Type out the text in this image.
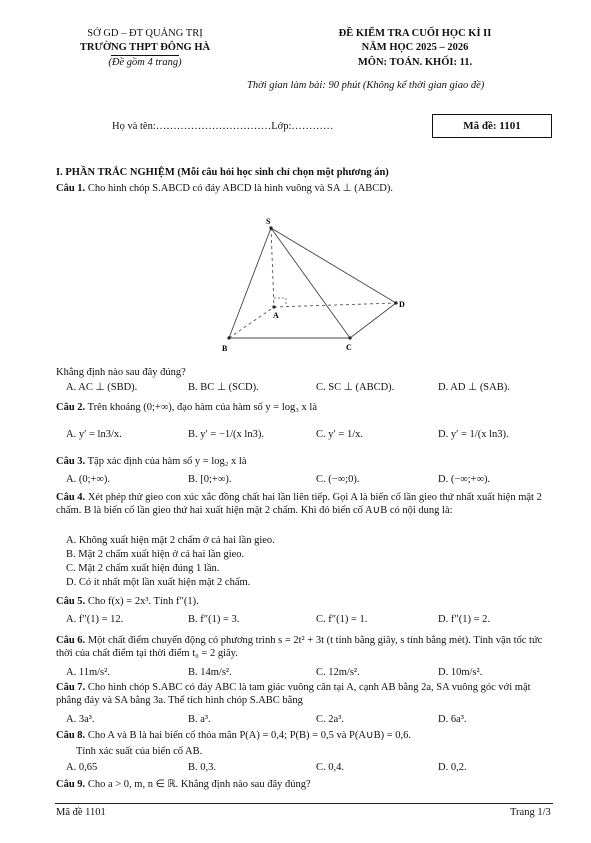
SỞ GD – ĐT QUẢNG TRỊ
TRƯỜNG THPT ĐÔNG HÀ
(Đề gồm 4 trang)
ĐỀ KIỂM TRA CUỐI HỌC KÌ II
NĂM HỌC 2025 – 2026
MÔN: TOÁN. KHỐI: 11.
Thời gian làm bài: 90 phút (Không kể thời gian giao đề)
Họ và tên:……………………………Lớp:…………	Mã đề: 1101
I. PHẦN TRẮC NGHIỆM (Mỗi câu hỏi học sinh chỉ chọn một phương án)
Câu 1. Cho hình chóp S.ABCD có đáy ABCD là hình vuông và SA ⊥ (ABCD).
S
A
B	C
D
Khẳng định nào sau đây đúng?
A. AC ⊥ (SBD).	B. BC ⊥ (SCD).	C. SC ⊥ (ABCD).	D. AD ⊥ (SAB).
Câu 2. Trên khoảng (0;+∞), đạo hàm của hàm số y = log₃ x là
A. y′ = ln3/x.	B. y′ = −1/(x ln3).	C. y′ = 1/x.	D. y′ = 1/(x ln3).
Câu 3. Tập xác định của hàm số y = log₂ x là
A. (0;+∞).	B. [0;+∞).	C. (−∞;0).	D. (−∞;+∞).
Câu 4. Xét phép thử gieo con xúc xắc đồng chất hai lần liên tiếp. Gọi A là biến cố lần gieo thứ nhất xuất hiện mặt 2 chấm. B là biến cố lần gieo thứ hai xuất hiện mặt 2 chấm. Khi đó biến cố A∪B có nội dung là:
A. Không xuất hiện mặt 2 chấm ở cả hai lần gieo.
B. Mặt 2 chấm xuất hiện ở cả hai lần gieo.
C. Mặt 2 chấm xuất hiện đúng 1 lần.
D. Có ít nhất một lần xuất hiện mặt 2 chấm.
Câu 5. Cho f(x) = 2x³. Tính f″(1).
A. f″(1) = 12.	B. f″(1) = 3.	C. f″(1) = 1.	D. f″(1) = 2.
Câu 6. Một chất điểm chuyển động có phương trình s = 2t² + 3t (t tính bằng giây, s tính bằng mét). Tính vận tốc tức thời của chất điểm tại thời điểm t₀ = 2 giây.
A. 11m/s².	B. 14m/s².	C. 12m/s².	D. 10m/s².
Câu 7. Cho hình chóp S.ABC có đáy ABC là tam giác vuông cân tại A, cạnh AB bằng 2a, SA vuông góc với mặt phẳng đáy và SA bằng 3a. Thể tích hình chóp S.ABC bằng
A. 3a³.	B. a³.	C. 2a³.	D. 6a³.
Câu 8. Cho A và B là hai biến cố thỏa mãn P(A) = 0,4; P(B) = 0,5 và P(A∪B) = 0,6.
Tính xác suất của biến cố AB.
A. 0,65	B. 0,3.	C. 0,4.	D. 0,2.
Câu 9. Cho a > 0, m, n ∈ ℝ. Khẳng định nào sau đây đúng?
Mã đề 1101	Trang 1/3
